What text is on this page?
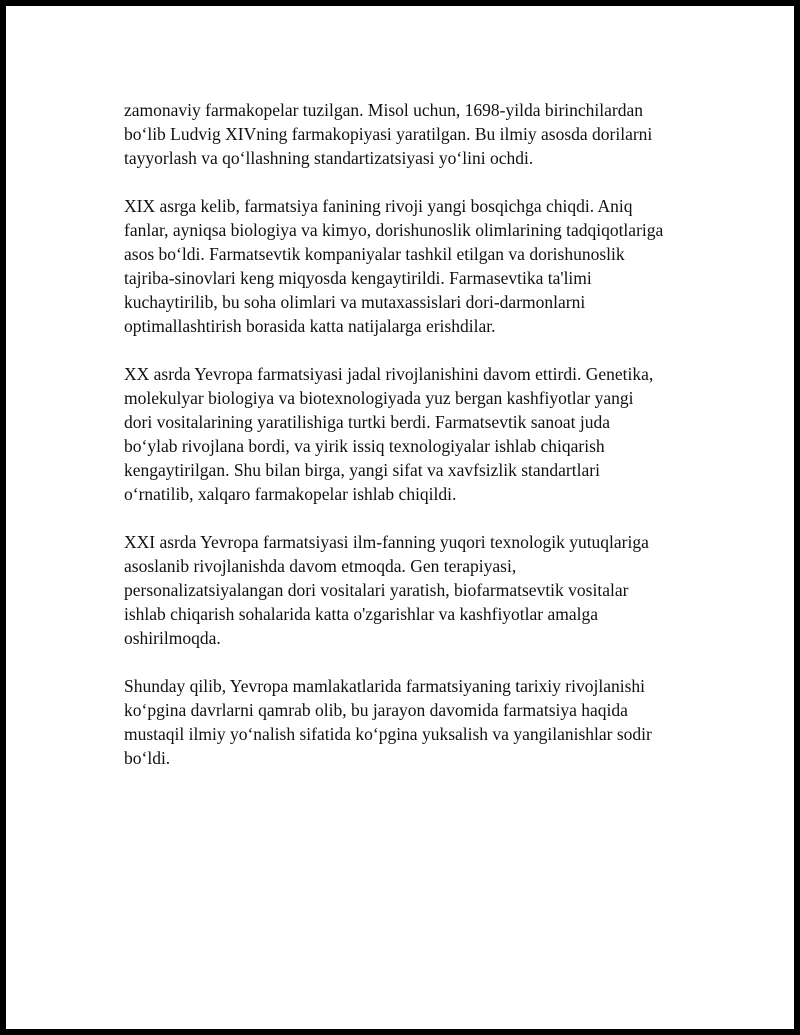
zamonaviy farmakopelar tuzilgan. Misol uchun, 1698-yilda birinchilardan
bo‘lib Ludvig XIVning farmakopiyasi yaratilgan. Bu ilmiy asosda dorilarni
tayyorlash va qo‘llashning standartizatsiyasi yo‘lini ochdi.

XIX asrga kelib, farmatsiya fanining rivoji yangi bosqichga chiqdi. Aniq
fanlar, ayniqsa biologiya va kimyo, dorishunoslik olimlarining tadqiqotlariga
asos bo‘ldi. Farmatsevtik kompaniyalar tashkil etilgan va dorishunoslik
tajriba-sinovlari keng miqyosda kengaytirildi. Farmasevtika ta'limi
kuchaytirilib, bu soha olimlari va mutaxassislari dori-darmonlarni
optimallashtirish borasida katta natijalarga erishdilar.

XX asrda Yevropa farmatsiyasi jadal rivojlanishini davom ettirdi. Genetika,
molekulyar biologiya va biotexnologiyada yuz bergan kashfiyotlar yangi
dori vositalarining yaratilishiga turtki berdi. Farmatsevtik sanoat juda
bo‘ylab rivojlana bordi, va yirik issiq texnologiyalar ishlab chiqarish
kengaytirilgan. Shu bilan birga, yangi sifat va xavfsizlik standartlari
o‘rnatilib, xalqaro farmakopelar ishlab chiqildi.

XXI asrda Yevropa farmatsiyasi ilm-fanning yuqori texnologik yutuqlariga
asoslanib rivojlanishda davom etmoqda. Gen terapiyasi,
personalizatsiyalangan dori vositalari yaratish, biofarmatsevtik vositalar
ishlab chiqarish sohalarida katta o'zgarishlar va kashfiyotlar amalga
oshirilmoqda.

Shunday qilib, Yevropa mamlakatlarida farmatsiyaning tarixiy rivojlanishi
ko‘pgina davrlarni qamrab olib, bu jarayon davomida farmatsiya haqida
mustaqil ilmiy yo‘nalish sifatida ko‘pgina yuksalish va yangilanishlar sodir
bo‘ldi.
